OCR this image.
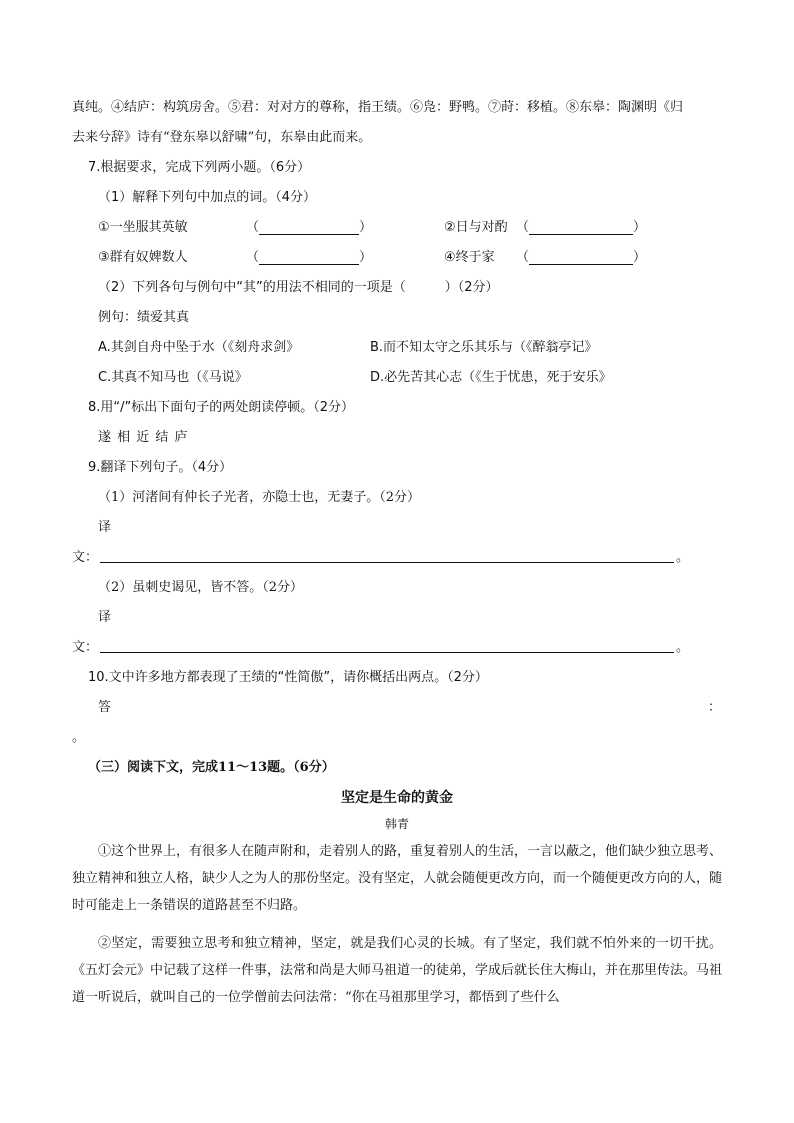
真纯。④结庐：构筑房舍。⑤君：对对方的尊称，指王绩。⑥凫：野鸭。⑦莳：移植。⑧东皋：陶渊明《归
去来兮辞》诗有“登东皋以舒啸”句，东皋由此而来。
7.根据要求，完成下列两小题。（6分）
（1）解释下列句中加点的词。（4分）
①一坐服其英敏	（	）	②日与对酌 （	）
③群有奴婢数人	（	）	④终于家 （	）
（2）下列各句与例句中“其”的用法不相同的一项是（　　　）（2分）
例句：绩爱其真
A.其剑自舟中坠于水（《刻舟求剑》	B.而不知太守之乐其乐与（《醉翁亭记》
C.其真不知马也（《马说》	D.必先苦其心志（《生于忧患，死于安乐》
8.用“/”标出下面句子的两处朗读停顿。（2分）
遂 相 近 结 庐
9.翻译下列句子。（4分）
（1）河渚间有仲长子光者，亦隐士也，无妻子。（2分）
译
文：	。
（2）虽刺史谒见，皆不答。（2分）
译
文：	。
10.文中许多地方都表现了王绩的“性简傲”，请你概括出两点。（2分）
答	：
。
（三）阅读下文，完成11～13题。（6分）
坚定是生命的黄金
韩青
①这个世界上，有很多人在随声附和，走着别人的路，重复着别人的生活，一言以蔽之，他们缺少独立思考、独立精神和独立人格，缺少人之为人的那份坚定。没有坚定，人就会随便更改方向，而一个随便更改方向的人，随时可能走上一条错误的道路甚至不归路。
②坚定，需要独立思考和独立精神，坚定，就是我们心灵的长城。有了坚定，我们就不怕外来的一切干扰。《五灯会元》中记载了这样一件事，法常和尚是大师马祖道一的徒弟，学成后就长住大梅山，并在那里传法。马祖道一听说后，就叫自己的一位学僧前去问法常：“你在马祖那里学习，都悟到了些什么
